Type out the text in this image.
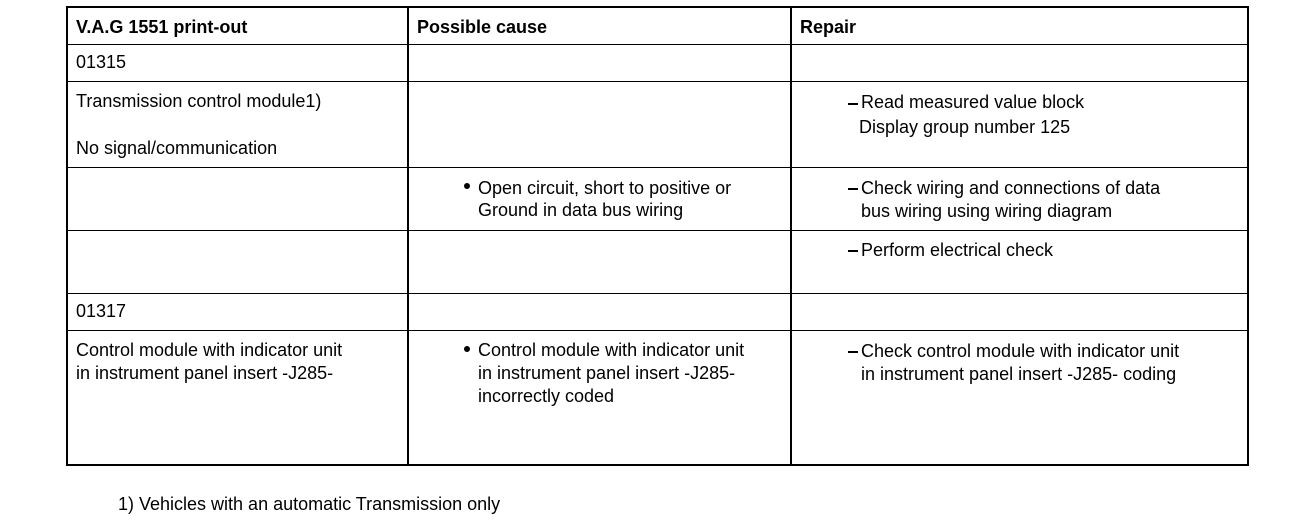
V.A.G 1551 print-out	Possible cause	Repair
01315
Transmission control module1)
No signal/communication
Read measured value block
Display group number 125
Open circuit, short to positive or
Ground in data bus wiring
Check wiring and connections of data
bus wiring using wiring diagram
Perform electrical check
01317
Control module with indicator unit
in instrument panel insert -J285-
Control module with indicator unit
in instrument panel insert -J285-
incorrectly coded
Check control module with indicator unit
in instrument panel insert -J285- coding
1) Vehicles with an automatic Transmission only
